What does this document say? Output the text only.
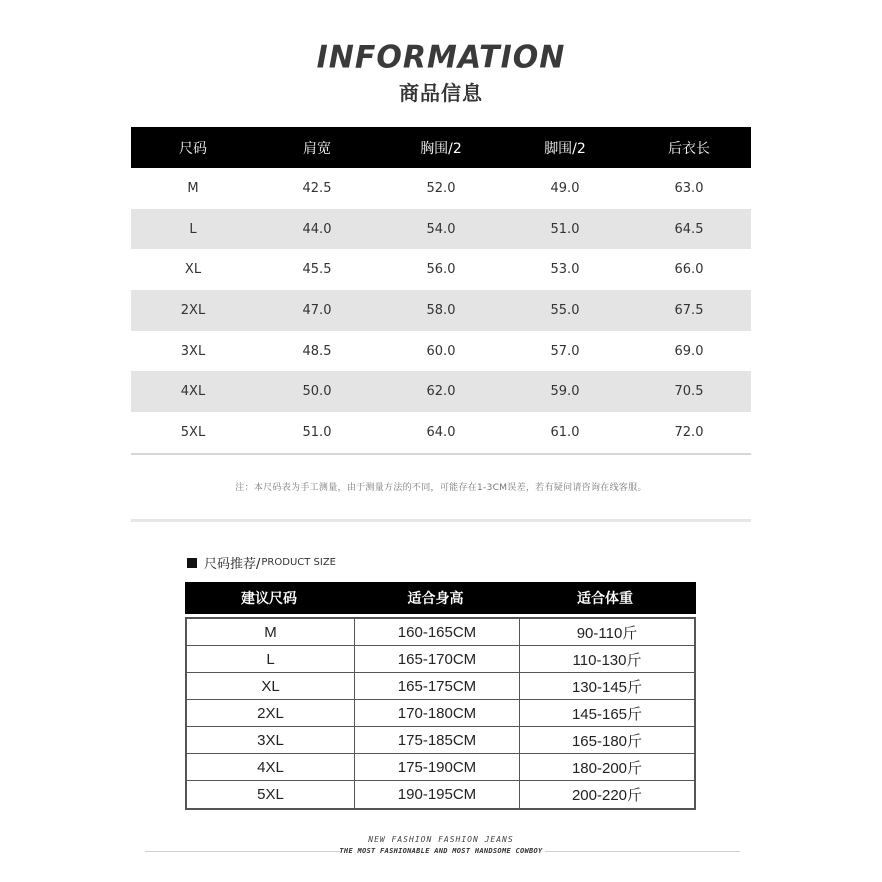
INFORMATION
商品信息
尺码	肩宽	胸围/2	脚围/2	后衣长
M	42.5	52.0	49.0	63.0
L	44.0	54.0	51.0	64.5
XL	45.5	56.0	53.0	66.0
2XL	47.0	58.0	55.0	67.5
3XL	48.5	60.0	57.0	69.0
4XL	50.0	62.0	59.0	70.5
5XL	51.0	64.0	61.0	72.0
注：本尺码表为手工测量，由于测量方法的不同，可能存在1-3CM误差，若有疑问请咨询在线客服。
尺码推荐/ PRODUCT SIZE
建议尺码	适合身高	适合体重
M	160-165CM	90-110斤
L	165-170CM	110-130斤
XL	165-175CM	130-145斤
2XL	170-180CM	145-165斤
3XL	175-185CM	165-180斤
4XL	175-190CM	180-200斤
5XL	190-195CM	200-220斤
NEW FASHION FASHION JEANS
THE MOST FASHIONABLE AND MOST HANDSOME COWBOY
